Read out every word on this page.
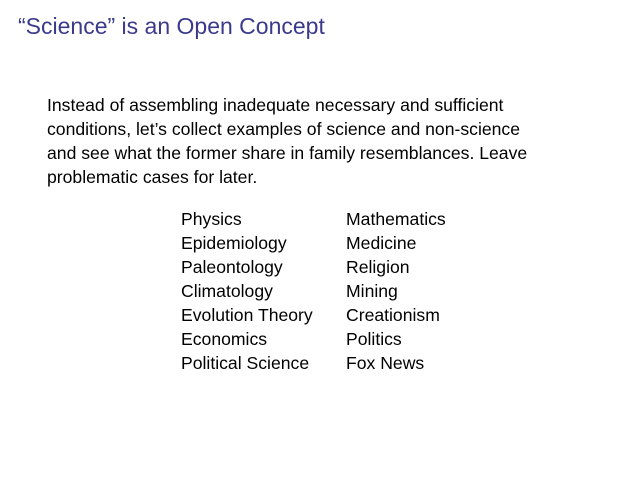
“Science” is an Open Concept
Instead of assembling inadequate necessary and sufficient
conditions, let’s collect examples of science and non-science
and see what the former share in family resemblances. Leave
problematic cases for later.
Physics
Epidemiology
Paleontology
Climatology
Evolution Theory
Economics
Political Science
Mathematics
Medicine
Religion
Mining
Creationism
Politics
Fox News
